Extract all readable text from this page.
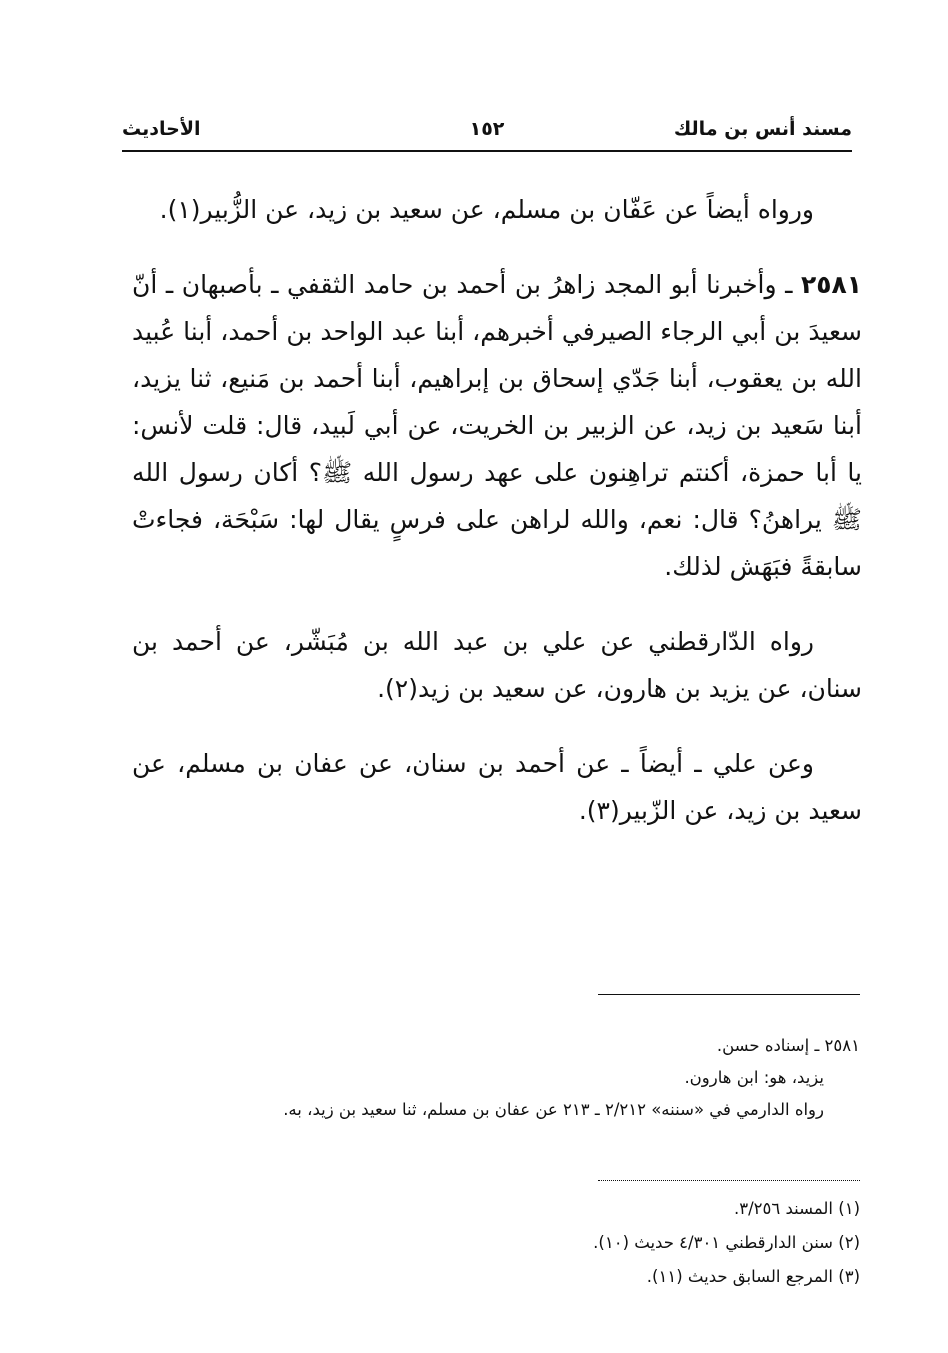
مسند أنس بن مالك
١٥٢
الأحاديث

ورواه أيضاً عن عَفّان بن مسلم، عن سعيد بن زيد، عن الزُّبير(١).

٢٥٨١ ـ وأخبرنا أبو المجد زاهرُ بن أحمد بن حامد الثقفي ـ بأصبهان ـ أنّ سعيدَ بن أبي الرجاء الصيرفي أخبرهم، أبنا عبد الواحد بن أحمد، أبنا عُبيد الله بن يعقوب، أبنا جَدّي إسحاق بن إبراهيم، أبنا أحمد بن مَنيع، ثنا يزيد، أبنا سَعيد بن زيد، عن الزبير بن الخريت، عن أبي لَبيد، قال: قلت لأنس: يا أبا حمزة، أكنتم تراهِنون على عهد رسول الله ﷺ؟ أكان رسول الله ﷺ يراهنُ؟ قال: نعم، والله لراهن على فرسٍ يقال لها: سَبْحَة، فجاءتْ سابقةً فبَهَش لذلك.

رواه الدّارقطني عن علي بن عبد الله بن مُبَشّر، عن أحمد بن سنان، عن يزيد بن هارون، عن سعيد بن زيد(٢).

وعن علي ـ أيضاً ـ عن أحمد بن سنان، عن عفان بن مسلم، عن سعيد بن زيد، عن الزّبير(٣).

٢٥٨١ ـ إسناده حسن.

يزيد، هو: ابن هارون.

رواه الدارمي في «سننه» ٢/٢١٢ ـ ٢١٣ عن عفان بن مسلم، ثنا سعيد بن زيد، به.

(١) المسند ٣/٢٥٦.

(٢) سنن الدارقطني ٤/٣٠١ حديث (١٠).

(٣) المرجع السابق حديث (١١).
